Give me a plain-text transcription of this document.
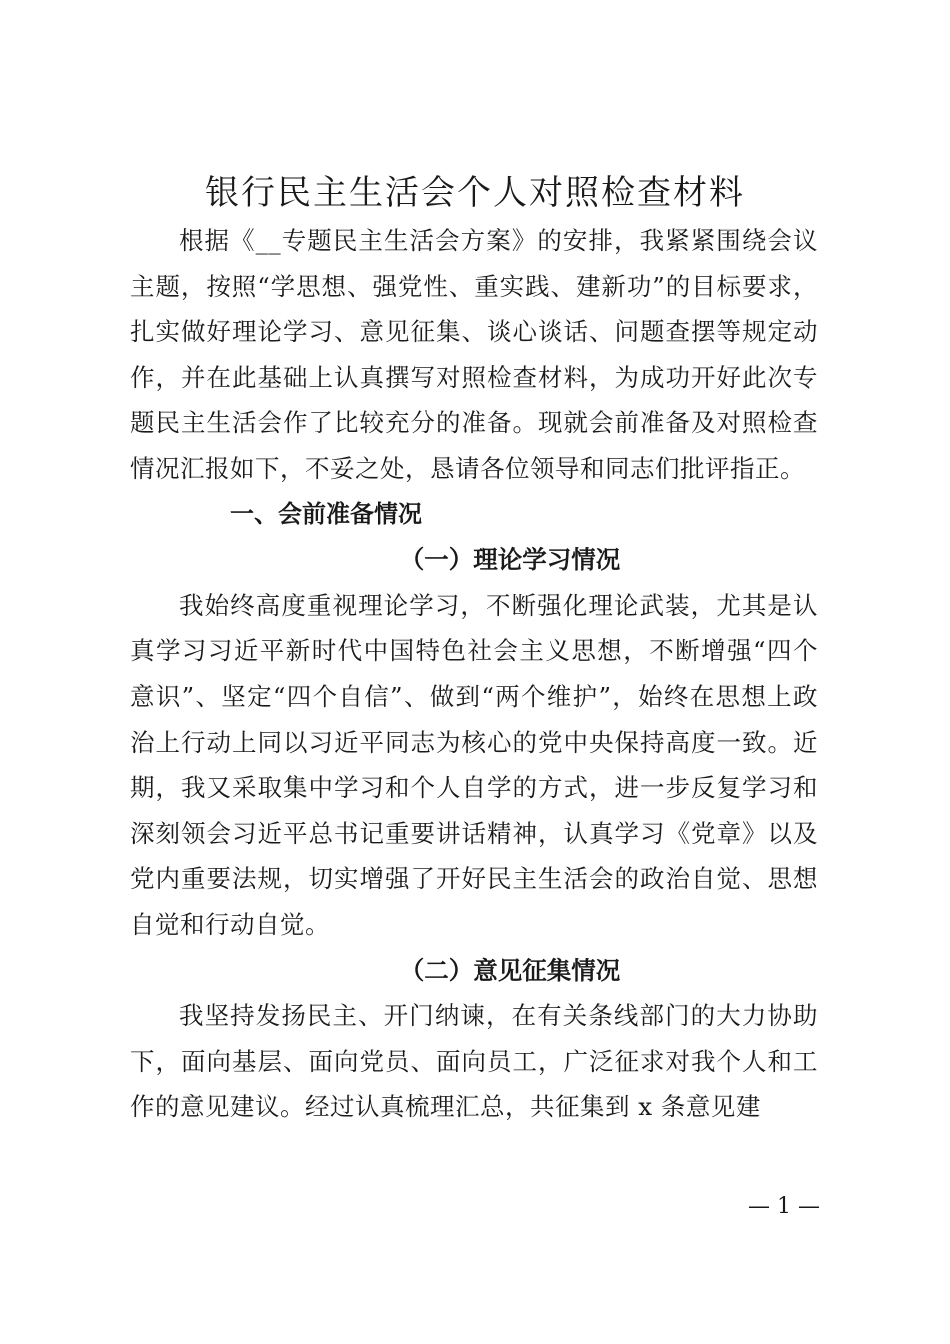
银行民主生活会个人对照检查材料

根据《__专题民主生活会方案》的安排，我紧紧围绕会议主题，按照“学思想、强党性、重实践、建新功”的目标要求，扎实做好理论学习、意见征集、谈心谈话、问题查摆等规定动作，并在此基础上认真撰写对照检查材料，为成功开好此次专题民主生活会作了比较充分的准备。现就会前准备及对照检查情况汇报如下，不妥之处，恳请各位领导和同志们批评指正。

一、会前准备情况

（一）理论学习情况

我始终高度重视理论学习，不断强化理论武装，尤其是认真学习习近平新时代中国特色社会主义思想，不断增强“四个意识”、坚定“四个自信”、做到“两个维护”，始终在思想上政治上行动上同以习近平同志为核心的党中央保持高度一致。近期，我又采取集中学习和个人自学的方式，进一步反复学习和深刻领会习近平总书记重要讲话精神，认真学习《党章》以及党内重要法规，切实增强了开好民主生活会的政治自觉、思想自觉和行动自觉。

（二）意见征集情况

我坚持发扬民主、开门纳谏，在有关条线部门的大力协助下，面向基层、面向党员、面向员工，广泛征求对我个人和工作的意见建议。经过认真梳理汇总，共征集到 x 条意见建

— 1 —
